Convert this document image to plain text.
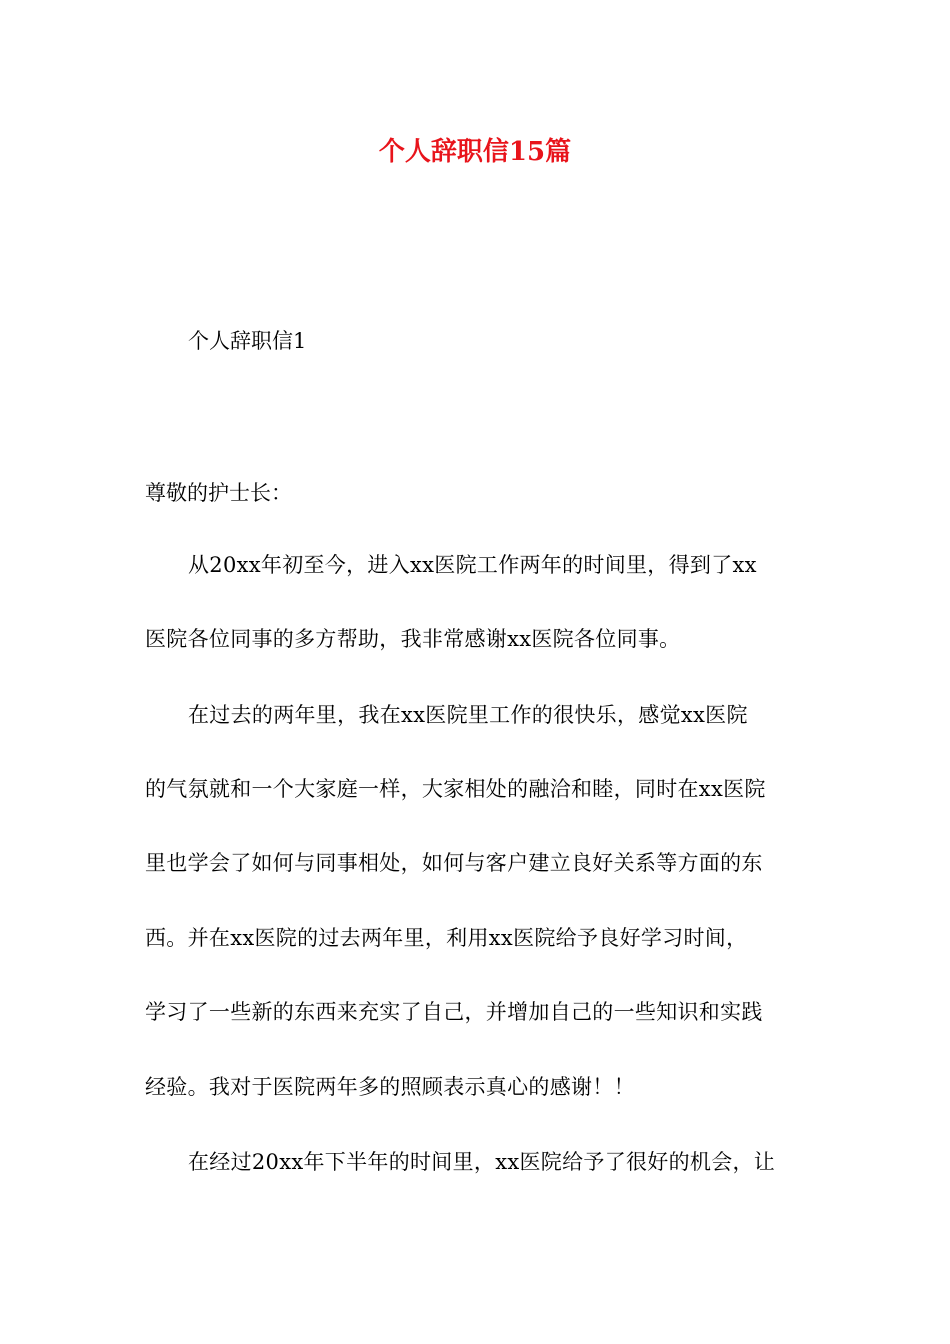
个人辞职信15篇
个人辞职信1
尊敬的护士长：
从20xx年初至今，进入xx医院工作两年的时间里，得到了xx
医院各位同事的多方帮助，我非常感谢xx医院各位同事。
在过去的两年里，我在xx医院里工作的很快乐，感觉xx医院
的气氛就和一个大家庭一样，大家相处的融洽和睦，同时在xx医院
里也学会了如何与同事相处，如何与客户建立良好关系等方面的东
西。并在xx医院的过去两年里，利用xx医院给予良好学习时间，
学习了一些新的东西来充实了自己，并增加自己的一些知识和实践
经验。我对于医院两年多的照顾表示真心的感谢！！
在经过20xx年下半年的时间里，xx医院给予了很好的机会，让
